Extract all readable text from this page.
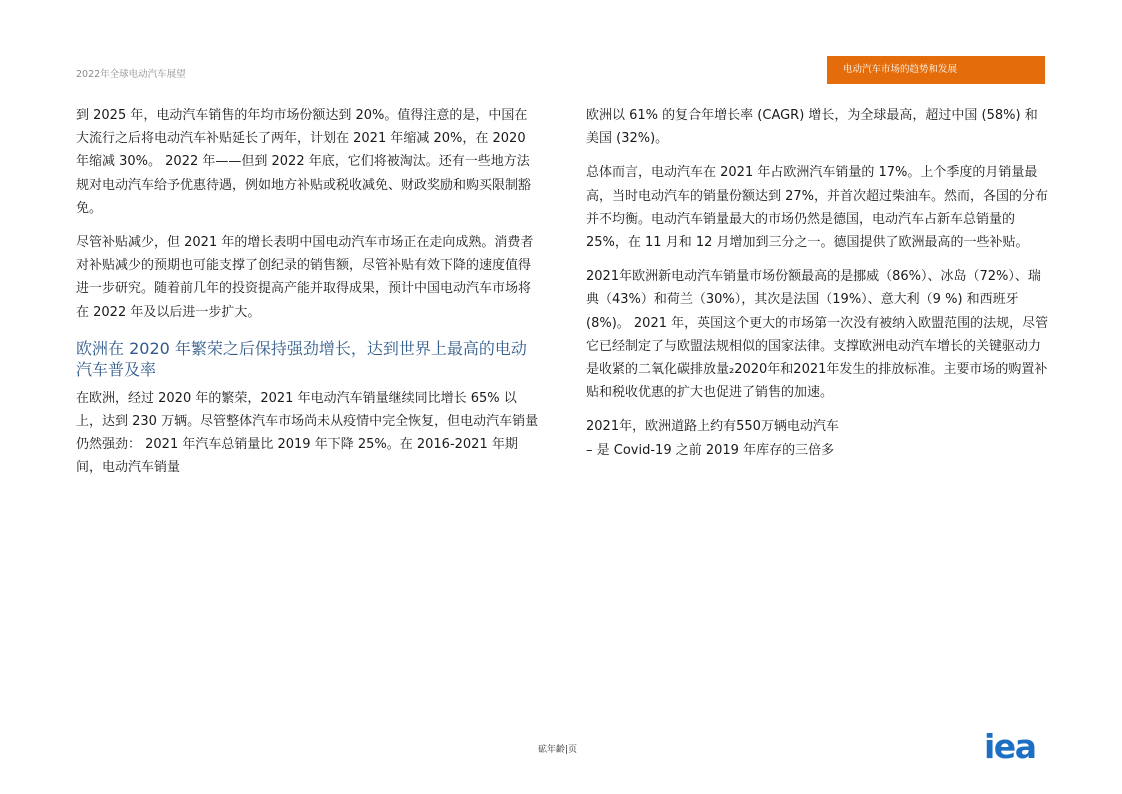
2022年全球电动汽车展望	电动汽车市场的趋势和发展

到 2025 年，电动汽车销售的年均市场份额达到 20%。值得注意的是，中国在大流行之后将电动汽车补贴延长了两年，计划在 2021 年缩减 20%，在 2020 年缩减 30%。 2022 年——但到 2022 年底，它们将被淘汰。还有一些地方法规对电动汽车给予优惠待遇，例如地方补贴或税收减免、财政奖励和购买限制豁免。

尽管补贴减少，但 2021 年的增长表明中国电动汽车市场正在走向成熟。消费者对补贴减少的预期也可能支撑了创纪录的销售额，尽管补贴有效下降的速度值得进一步研究。随着前几年的投资提高产能并取得成果，预计中国电动汽车市场将在 2022 年及以后进一步扩大。

欧洲在 2020 年繁荣之后保持强劲增长，达到世界上最高的电动汽车普及率

在欧洲，经过 2020 年的繁荣，2021 年电动汽车销量继续同比增长 65% 以上，达到 230 万辆。尽管整体汽车市场尚未从疫情中完全恢复，但电动汽车销量仍然强劲： 2021 年汽车总销量比 2019 年下降 25%。在 2016-2021 年期间，电动汽车销量

欧洲以 61% 的复合年增长率 (CAGR) 增长，为全球最高，超过中国 (58%) 和美国 (32%)。

总体而言，电动汽车在 2021 年占欧洲汽车销量的 17%。上个季度的月销量最高，当时电动汽车的销量份额达到 27%，并首次超过柴油车。然而，各国的分布并不均衡。电动汽车销量最大的市场仍然是德国，电动汽车占新车总销量的 25%，在 11 月和 12 月增加到三分之一。德国提供了欧洲最高的一些补贴。

2021年欧洲新电动汽车销量市场份额最高的是挪威（86%）、冰岛（72%）、瑞典（43%）和荷兰（30%），其次是法国（19%）、意大利（9 %) 和西班牙 (8%)。 2021 年，英国这个更大的市场第一次没有被纳入欧盟范围的法规，尽管它已经制定了与欧盟法规相似的国家法律。支撑欧洲电动汽车增长的关键驱动力是收紧的二氧化碳排放量₂2020年和2021年发生的排放标准。主要市场的购置补贴和税收优惠的扩大也促进了销售的加速。

2021年，欧洲道路上约有550万辆电动汽车
– 是 Covid-19 之前 2019 年库存的三倍多

砿年齢|页	iea
